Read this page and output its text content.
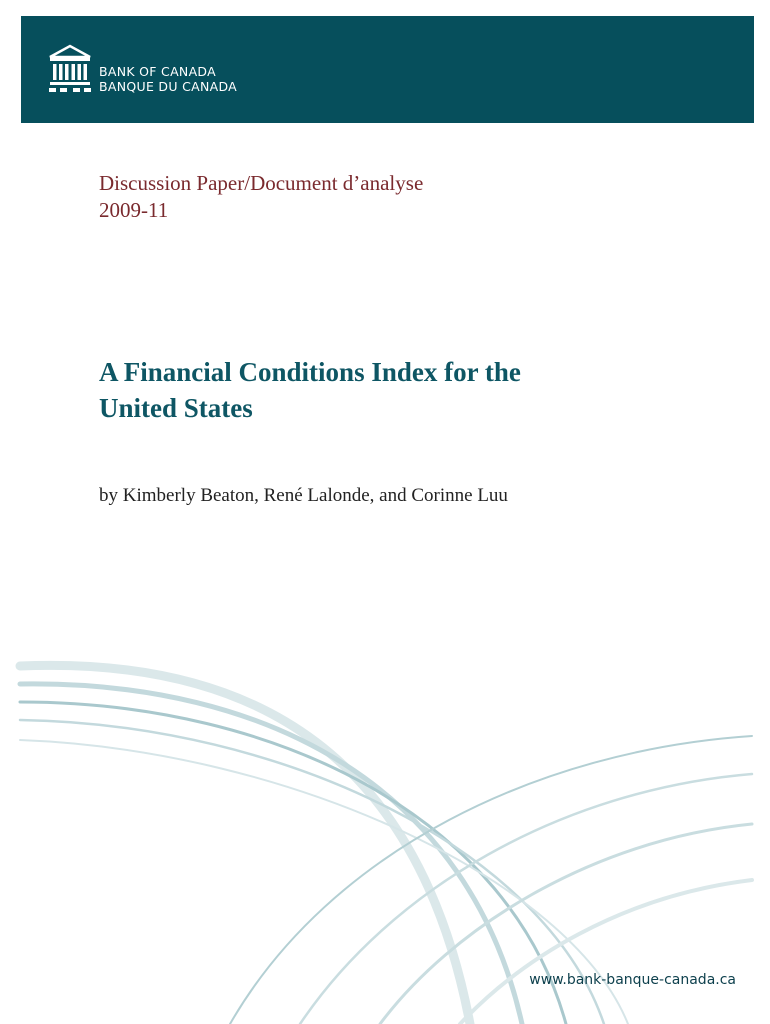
BANK OF CANADA
BANQUE DU CANADA
Discussion Paper/Document d’analyse
2009-11
A Financial Conditions Index for the
United States
by Kimberly Beaton, René Lalonde, and Corinne Luu
www.bank-banque-canada.ca
